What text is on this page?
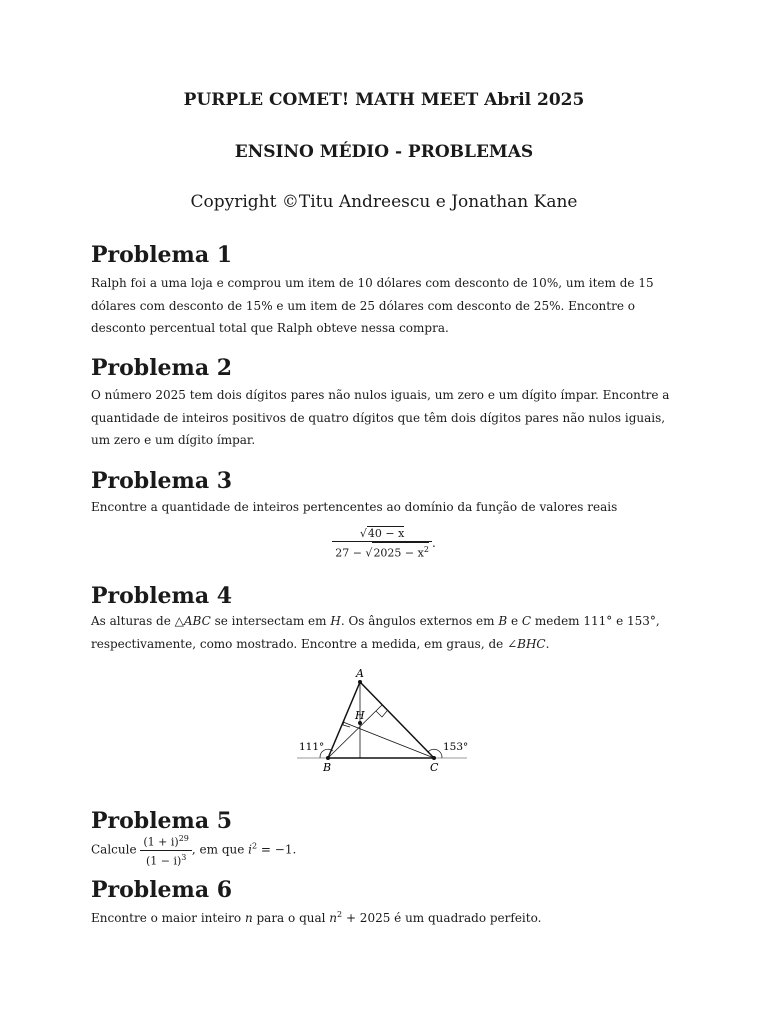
PURPLE COMET! MATH MEET Abril 2025
ENSINO MÉDIO - PROBLEMAS
Copyright ©Titu Andreescu e Jonathan Kane
Problema 1

Ralph foi a uma loja e comprou um item de 10 dólares com desconto de 10%, um item de 15 dólares com desconto de 15% e um item de 25 dólares com desconto de 25%. Encontre o desconto percentual total que Ralph obteve nessa compra.

Problema 2

O número 2025 tem dois dígitos pares não nulos iguais, um zero e um dígito ímpar. Encontre a quantidade de inteiros positivos de quatro dígitos que têm dois dígitos pares não nulos iguais, um zero e um dígito ímpar.

Problema 3

Encontre a quantidade de inteiros pertencentes ao domínio da função de valores reais

$\frac{√40 - x}{27 - √2025 - x^2}$ .
Problema 4

As alturas de △ABC se intersectam em H. Os ângulos externos em B e C medem 111° e 153°, respectivamente, como mostrado. Encontre a medida, em graus, de ∠BHC.

A
H
B	C
111°	153°
Problema 5

Calcule $\frac{(1 + i)^{29}}{(1 - i)^3}$ , em que $i^2 = -1$.

Problema 6

Encontre o maior inteiro n para o qual $n^2 + 2025$ é um quadrado perfeito.
